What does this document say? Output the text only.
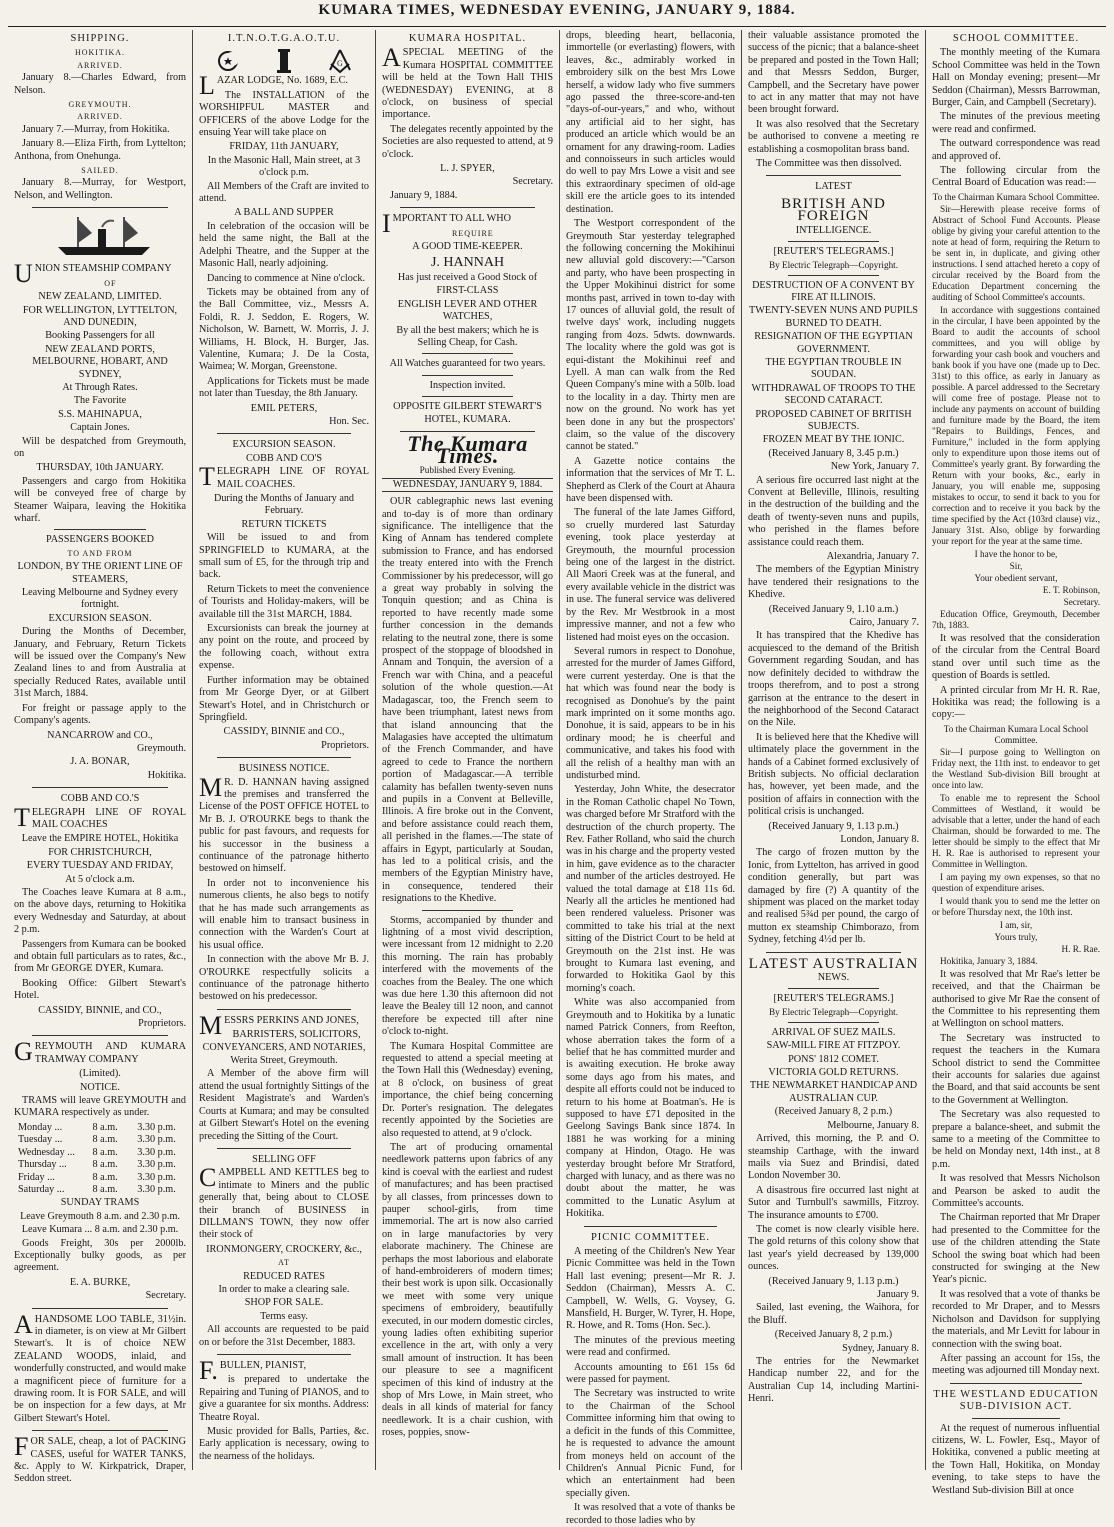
KUMARA TIMES, WEDNESDAY EVENING, JANUARY 9, 1884.
SHIPPING.
HOKITIKA.
ARRIVED.

January 8.—Charles Edward, from Nelson.

GREYMOUTH.
ARRIVED.

January 7.—Murray, from Hokitika.

January 8.—Eliza Firth, from Lyttelton; Anthona, from Onehunga.

SAILED.

January 8.—Murray, for Westport, Nelson, and Wellington.

UNION STEAMSHIP COMPANY

OF
NEW ZEALAND, LIMITED.
FOR WELLINGTON, LYTTELTON, AND DUNEDIN,
Booking Passengers for all
NEW ZEALAND PORTS, MELBOURNE, HOBART, AND SYDNEY,
At Through Rates.
The Favorite
S.S. MAHINAPUA,
Captain Jones.

Will be despatched from Greymouth, on

THURSDAY, 10th JANUARY.

Passengers and cargo from Hokitika will be conveyed free of charge by Steamer Waipara, leaving the Hokitika wharf.

PASSENGERS BOOKED
TO AND FROM
LONDON, BY THE ORIENT LINE OF STEAMERS,
Leaving Melbourne and Sydney every fortnight.
EXCURSION SEASON.

During the Months of December, January, and February, Return Tickets will be issued over the Company's New Zealand lines to and from Australia at specially Reduced Rates, available until 31st March, 1884.

For freight or passage apply to the Company's agents.

NANCARROW and CO.,
Greymouth.
J. A. BONAR,
Hokitika.
COBB AND CO.'S

TELEGRAPH LINE OF ROYAL MAIL COACHES

Leave the EMPIRE HOTEL, Hokitika
FOR CHRISTCHURCH,
EVERY TUESDAY AND FRIDAY,
At 5 o'clock a.m.

The Coaches leave Kumara at 8 a.m., on the above days, returning to Hokitika every Wednesday and Saturday, at about 2 p.m.

Passengers from Kumara can be booked and obtain full particulars as to rates, &c., from Mr GEORGE DYER, Kumara.

Booking Office: Gilbert Stewart's Hotel.

CASSIDY, BINNIE, and CO.,
Proprietors.

GREYMOUTH AND KUMARA TRAMWAY COMPANY

(Limited).
NOTICE.

TRAMS will leave GREYMOUTH and KUMARA respectively as under.

Monday ...	8 a.m.	3.30 p.m.
Tuesday ...	8 a.m.	3.30 p.m.
Wednesday ...	8 a.m.	3.30 p.m.
Thursday ...	8 a.m.	3.30 p.m.
Friday ...	8 a.m.	3.30 p.m.
Saturday ...	8 a.m.	3.30 p.m.
SUNDAY TRAMS
Leave Greymouth 8 a.m. and 2.30 p.m.
Leave Kumara ... 8 a.m. and 2.30 p.m.

Goods Freight, 30s per 2000lb. Exceptionally bulky goods, as per agreement.

E. A. BURKE,
Secretary.

AHANDSOME LOO TABLE, 31½in. in diameter, is on view at Mr Gilbert Stewart's. It is of choice NEW ZEALAND WOODS, inlaid, and wonderfully constructed, and would make a magnificent piece of furniture for a drawing room. It is FOR SALE, and will be on inspection for a few days, at Mr Gilbert Stewart's Hotel.

FOR SALE, cheap, a lot of PACKING CASES, useful for WATER TANKS, &c. Apply to W. Kirkpatrick, Draper, Seddon street.

I.T.N.O.T.G.A.O.T.U.
G

LAZAR LODGE, No. 1689, E.C.

The INSTALLATION of the WORSHIPFUL MASTER and OFFICERS of the above Lodge for the ensuing Year will take place on

FRIDAY, 11th JANUARY,
In the Masonic Hall, Main street, at 3 o'clock p.m.

All Members of the Craft are invited to attend.

A BALL AND SUPPER

In celebration of the occasion will be held the same night, the Ball at the Adelphi Theatre, and the Supper at the Masonic Hall, nearly adjoining.

Dancing to commence at Nine o'clock.

Tickets may be obtained from any of the Ball Committee, viz., Messrs A. Foldi, R. J. Seddon, E. Rogers, W. Nicholson, W. Barnett, W. Morris, J. J. Williams, H. Block, H. Burger, Jas. Valentine, Kumara; J. De la Costa, Waimea; W. Morgan, Greenstone.

Applications for Tickets must be made not later than Tuesday, the 8th January.

EMIL PETERS,
Hon. Sec.
EXCURSION SEASON.
COBB AND CO'S

TELEGRAPH LINE OF ROYAL MAIL COACHES.

During the Months of January and February.
RETURN TICKETS

Will be issued to and from SPRINGFIELD to KUMARA, at the small sum of £5, for the through trip and back.

Return Tickets to meet the convenience of Tourists and Holiday-makers, will be available till the 31st MARCH, 1884.

Excursionists can break the journey at any point on the route, and proceed by the following coach, without extra expense.

Further information may be obtained from Mr George Dyer, or at Gilbert Stewart's Hotel, and in Christchurch or Springfield.

CASSIDY, BINNIE and CO.,
Proprietors.
BUSINESS NOTICE.

MR. D. HANNAN having assigned the premises and transferred the License of the POST OFFICE HOTEL to Mr B. J. O'ROURKE begs to thank the public for past favours, and requests for his successor in the business a continuance of the patronage hitherto bestowed on himself.

In order not to inconvenience his numerous clients, he also begs to notify that he has made such arrangements as will enable him to transact business in connection with the Warden's Court at his usual office.

In connection with the above Mr B. J. O'ROURKE respectfully solicits a continuance of the patronage hitherto bestowed on his predecessor.

MESSRS PERKINS AND JONES,

BARRISTERS, SOLICITORS, CONVEYANCERS, AND NOTARIES,
Werita Street, Greymouth.

A Member of the above firm will attend the usual fortnightly Sittings of the Resident Magistrate's and Warden's Courts at Kumara; and may be consulted at Gilbert Stewart's Hotel on the evening preceding the Sitting of the Court.

SELLING OFF

CAMPBELL AND KETTLES beg to intimate to Miners and the public generally that, being about to CLOSE their branch of BUSINESS in DILLMAN'S TOWN, they now offer their stock of

IRONMONGERY, CROCKERY, &c.,
AT
REDUCED RATES
In order to make a clearing sale.
SHOP FOR SALE.
Terms easy.

All accounts are requested to be paid on or before the 31st December, 1883.

F.BULLEN, PIANIST,

is prepared to undertake the Repairing and Tuning of PIANOS, and to give a guarantee for six months. Address: Theatre Royal.

Music provided for Balls, Parties, &c. Early application is necessary, owing to the nearness of the holidays.

KUMARA HOSPITAL.

ASPECIAL MEETING of the Kumara HOSPITAL COMMITTEE will be held at the Town Hall THIS (WEDNESDAY) EVENING, at 8 o'clock, on business of special importance.

The delegates recently appointed by the Societies are also requested to attend, at 9 o'clock.

L. J. SPYER,
Secretary.

January 9, 1884.

IMPORTANT TO ALL WHO

REQUIRE
A GOOD TIME-KEEPER.
J. HANNAH
Has just received a Good Stock of
FIRST-CLASS
ENGLISH LEVER AND OTHER WATCHES,
By all the best makers; which he is Selling Cheap, for Cash.
All Watches guaranteed for two years.
Inspection invited.
OPPOSITE GILBERT STEWART'S HOTEL, KUMARA.
The Kumara Times.
Published Every Evening.
WEDNESDAY, JANUARY 9, 1884.

OUR cablegraphic news last evening and to-day is of more than ordinary significance. The intelligence that the King of Annam has tendered complete submission to France, and has endorsed the treaty entered into with the French Commissioner by his predecessor, will go a great way probably in solving the Tonquin question; and as China is reported to have recently made some further concession in the demands relating to the neutral zone, there is some prospect of the stoppage of bloodshed in Annam and Tonquin, the aversion of a French war with China, and a peaceful solution of the whole question.—At Madagascar, too, the French seem to have been triumphant, latest news from that island announcing that the Malagasies have accepted the ultimatum of the French Commander, and have agreed to cede to France the northern portion of Madagascar.—A terrible calamity has befallen twenty-seven nuns and pupils in a Convent at Belleville, Illinois. A fire broke out in the Convent, and before assistance could reach them, all perished in the flames.—The state of affairs in Egypt, particularly at Soudan, has led to a political crisis, and the members of the Egyptian Ministry have, in consequence, tendered their resignations to the Khedive.

Storms, accompanied by thunder and lightning of a most vivid description, were incessant from 12 midnight to 2.20 this morning. The rain has probably interfered with the movements of the coaches from the Bealey. The one which was due here 1.30 this afternoon did not leave the Bealey till 12 noon, and cannot therefore be expected till after nine o'clock to-night.

The Kumara Hospital Committee are requested to attend a special meeting at the Town Hall this (Wednesday) evening, at 8 o'clock, on business of great importance, the chief being concerning Dr. Porter's resignation. The delegates recently appointed by the Societies are also requested to attend, at 9 o'clock.

The art of producing ornamental needlework patterns upon fabrics of any kind is coeval with the earliest and rudest of manufactures; and has been practised by all classes, from princesses down to pauper school-girls, from time immemorial. The art is now also carried on in large manufactories by very elaborate machinery. The Chinese are perhaps the most laborious and elaborate of hand-embroiderers of modern times; their best work is upon silk. Occasionally we meet with some very unique specimens of embroidery, beautifully executed, in our modern domestic circles, young ladies often exhibiting superior excellence in the art, with only a very small amount of instruction. It has been our pleasure to see a magnificent specimen of this kind of industry at the shop of Mrs Lowe, in Main street, who deals in all kinds of material for fancy needlework. It is a chair cushion, with roses, poppies, snow-

drops, bleeding heart, bellaconia, immortelle (or everlasting) flowers, with leaves, &c., admirably worked in embroidery silk on the best Mrs Lowe herself, a widow lady who five summers ago passed the three-score-and-ten "days-of-our-years," and who, without any artificial aid to her sight, has produced an article which would be an ornament for any drawing-room. Ladies and connoisseurs in such articles would do well to pay Mrs Lowe a visit and see this extraordinary specimen of old-age skill ere the article goes to its intended destination.

The Westport correspondent of the Greymouth Star yesterday telegraphed the following concerning the Mokihinui new alluvial gold discovery:—"Carson and party, who have been prospecting in the Upper Mokihinui district for some months past, arrived in town to-day with 17 ounces of alluvial gold, the result of twelve days' work, including nuggets ranging from 4ozs. 5dwts. downwards. The locality where the gold was got is equi-distant the Mokihinui reef and Lyell. A man can walk from the Red Queen Company's mine with a 50lb. load to the locality in a day. Thirty men are now on the ground. No work has yet been done in any but the prospectors' claim, so the value of the discovery cannot be stated."

A Gazette notice contains the information that the services of Mr T. L. Shepherd as Clerk of the Court at Ahaura have been dispensed with.

The funeral of the late James Gifford, so cruelly murdered last Saturday evening, took place yesterday at Greymouth, the mournful procession being one of the largest in the district. All Maori Creek was at the funeral, and every available vehicle in the district was in use. The funeral service was delivered by the Rev. Mr Westbrook in a most impressive manner, and not a few who listened had moist eyes on the occasion.

Several rumors in respect to Donohue, arrested for the murder of James Gifford, were current yesterday. One is that the hat which was found near the body is recognised as Donohue's by the paint mark imprinted on it some months ago. Donohue, it is said, appears to be in his ordinary mood; he is cheerful and communicative, and takes his food with all the relish of a healthy man with an undisturbed mind.

Yesterday, John White, the desecrator in the Roman Catholic chapel No Town, was charged before Mr Stratford with the destruction of the church property. The Rev. Father Rolland, who said the church was in his charge and the property vested in him, gave evidence as to the character and number of the articles destroyed. He valued the total damage at £18 11s 6d. Nearly all the articles he mentioned had been rendered valueless. Prisoner was committed to take his trial at the next sitting of the District Court to be held at Greymouth on the 21st inst. He was brought to Kumara last evening, and forwarded to Hokitika Gaol by this morning's coach.

White was also accompanied from Greymouth and to Hokitika by a lunatic named Patrick Conners, from Reefton, whose aberration takes the form of a belief that he has committed murder and is awaiting execution. He broke away some days ago from his mates, and despite all efforts could not be induced to return to his home at Boatman's. He is supposed to have £71 deposited in the Geelong Savings Bank since 1874. In 1881 he was working for a mining company at Hindon, Otago. He was yesterday brought before Mr Stratford, charged with lunacy, and as there was no doubt about the matter, he was committed to the Lunatic Asylum at Hokitika.

PICNIC COMMITTEE.

A meeting of the Children's New Year Picnic Committee was held in the Town Hall last evening; present—Mr R. J. Seddon (Chairman), Messrs A. C. Campbell, W. Wells, G. Voysey, G. Mansfield, H. Burger, W. Tyrer, H. Hope, R. Howe, and R. Toms (Hon. Sec.).

The minutes of the previous meeting were read and confirmed.

Accounts amounting to £61 15s 6d were passed for payment.

The Secretary was instructed to write to the Chairman of the School Committee informing him that owing to a deficit in the funds of this Committee, he is requested to advance the amount from moneys held on account of the Children's Annual Picnic Fund, for which an entertainment had been specially given.

It was resolved that a vote of thanks be recorded to those ladies who by

their valuable assistance promoted the success of the picnic; that a balance-sheet be prepared and posted in the Town Hall; and that Messrs Seddon, Burger, Campbell, and the Secretary have power to act in any matter that may not have been brought forward.

It was also resolved that the Secretary be authorised to convene a meeting re establishing a cosmopolitan brass band.

The Committee was then dissolved.

LATEST
BRITISH AND FOREIGN
INTELLIGENCE.
[REUTER'S TELEGRAMS.]
By Electric Telegraph—Copyright.
DESTRUCTION OF A CONVENT BY FIRE AT ILLINOIS.
TWENTY-SEVEN NUNS AND PUPILS BURNED TO DEATH.
RESIGNATION OF THE EGYPTIAN GOVERNMENT.
THE EGYPTIAN TROUBLE IN SOUDAN.
WITHDRAWAL OF TROOPS TO THE SECOND CATARACT.
PROPOSED CABINET OF BRITISH SUBJECTS.
FROZEN MEAT BY THE IONIC.
(Received January 8, 3.45 p.m.)
New York, January 7.

A serious fire occurred last night at the Convent at Belleville, Illinois, resulting in the destruction of the building and the death of twenty-seven nuns and pupils, who perished in the flames before assistance could reach them.

Alexandria, January 7.

The members of the Egyptian Ministry have tendered their resignations to the Khedive.

(Received January 9, 1.10 a.m.)
Cairo, January 7.

It has transpired that the Khedive has acquiesced to the demand of the British Government regarding Soudan, and has now definitely decided to withdraw the troops therefrom, and to post a strong garrison at the entrance to the desert in the neighborhood of the Second Cataract on the Nile.

It is believed here that the Khedive will ultimately place the government in the hands of a Cabinet formed exclusively of British subjects. No official declaration has, however, yet been made, and the position of affairs in connection with the political crisis is unchanged.

(Received January 9, 1.13 p.m.)
London, January 8.

The cargo of frozen mutton by the Ionic, from Lyttelton, has arrived in good condition generally, but part was damaged by fire (?) A quantity of the shipment was placed on the market today and realised 5¾d per pound, the cargo of mutton ex steamship Chimborazo, from Sydney, fetching 4½d per lb.

LATEST AUSTRALIAN
NEWS.
[REUTER'S TELEGRAMS.]
By Electric Telegraph—Copyright.
ARRIVAL OF SUEZ MAILS.
SAW-MILL FIRE AT FITZPOY.
PONS' 1812 COMET.
VICTORIA GOLD RETURNS.
THE NEWMARKET HANDICAP AND AUSTRALIAN CUP.
(Received January 8, 2 p.m.)
Melbourne, January 8.

Arrived, this morning, the P. and O. steamship Carthage, with the inward mails via Suez and Brindisi, dated London November 30.

A disastrous fire occurred last night at Sutor and Turnbull's sawmills, Fitzroy. The insurance amounts to £700.

The comet is now clearly visible here. The gold returns of this colony show that last year's yield decreased by 139,000 ounces.

(Received January 9, 1.13 p.m.)
January 9.

Sailed, last evening, the Waihora, for the Bluff.

(Received January 8, 2 p.m.)
Sydney, January 8.

The entries for the Newmarket Handicap number 22, and for the Australian Cup 14, including Martini-Henri.

SCHOOL COMMITTEE.

The monthly meeting of the Kumara School Committee was held in the Town Hall on Monday evening; present—Mr Seddon (Chairman), Messrs Barrowman, Burger, Cain, and Campbell (Secretary).

The minutes of the previous meeting were read and confirmed.

The outward correspondence was read and approved of.

The following circular from the Central Board of Education was read:—

To the Chairman Kumara School Committee.

Sir—Herewith please receive forms of Abstract of School Fund Accounts. Please oblige by giving your careful attention to the note at head of form, requiring the Return to be sent in, in duplicate, and giving other instructions. I send attached hereto a copy of circular received by the Board from the Education Department concerning the auditing of School Committee's accounts.

In accordance with suggestions contained in the circular, I have been appointed by the Board to audit the accounts of school committees, and you will oblige by forwarding your cash book and vouchers and bank book if you have one (made up to Dec. 31st) to this office, as early in January as possible. A parcel addressed to the Secretary will come free of postage. Please not to include any payments on account of building and furniture made by the Board, the item "Repairs to Buildings, Fences, and Furniture," included in the form applying only to expenditure upon those items out of Committee's yearly grant. By forwarding the Return with your books, &c., early in January, you will enable me, supposing mistakes to occur, to send it back to you for correction and to receive it you back by the time specified by the Act (103rd clause) viz., January 31st. Also, oblige by forwarding your report for the year at the same time.

I have the honor to be,
Sir,
Your obedient servant,
E. T. Robinson,
Secretary.

Education Office, Greymouth, December 7th, 1883.

It was resolved that the consideration of the circular from the Central Board stand over until such time as the question of Boards is settled.

A printed circular from Mr H. R. Rae, Hokitika was read; the following is a copy:—

To the Chairman Kumara Local School Committee.

Sir—I purpose going to Wellington on Friday next, the 11th inst. to endeavor to get the Westland Sub-division Bill brought at once into law.

To enable me to represent the School Committees of Westland, it would be advisable that a letter, under the hand of each Chairman, should be forwarded to me. The letter should be simply to the effect that Mr H. R. Rae is authorised to represent your Committee in Wellington.

I am paying my own expenses, so that no question of expenditure arises.

I would thank you to send me the letter on or before Thursday next, the 10th inst.

I am, sir,
Yours truly,
H. R. Rae.

Hokitika, January 3, 1884.

It was resolved that Mr Rae's letter be received, and that the Chairman be authorised to give Mr Rae the consent of the Committee to his representing them at Wellington on school matters.

The Secretary was instructed to request the teachers in the Kumara School district to send the Committee their accounts for salaries due against the Board, and that said accounts be sent to the Government at Wellington.

The Secretary was also requested to prepare a balance-sheet, and submit the same to a meeting of the Committee to be held on Monday next, 14th inst., at 8 p.m.

It was resolved that Messrs Nicholson and Pearson be asked to audit the Committee's accounts.

The Chairman reported that Mr Draper had presented to the Committee for the use of the children attending the State School the swing boat which had been constructed for swinging at the New Year's picnic.

It was resolved that a vote of thanks be recorded to Mr Draper, and to Messrs Nicholson and Davidson for supplying the materials, and Mr Levitt for labour in connection with the swing boat.

After passing an account for 15s, the meeting was adjourned till Monday next.

THE WESTLAND EDUCATION SUB-DIVISION ACT.

At the request of numerous influential citizens, W. L. Fowler, Esq., Mayor of Hokitika, convened a public meeting at the Town Hall, Hokitika, on Monday evening, to take steps to have the Westland Sub-division Bill at once
